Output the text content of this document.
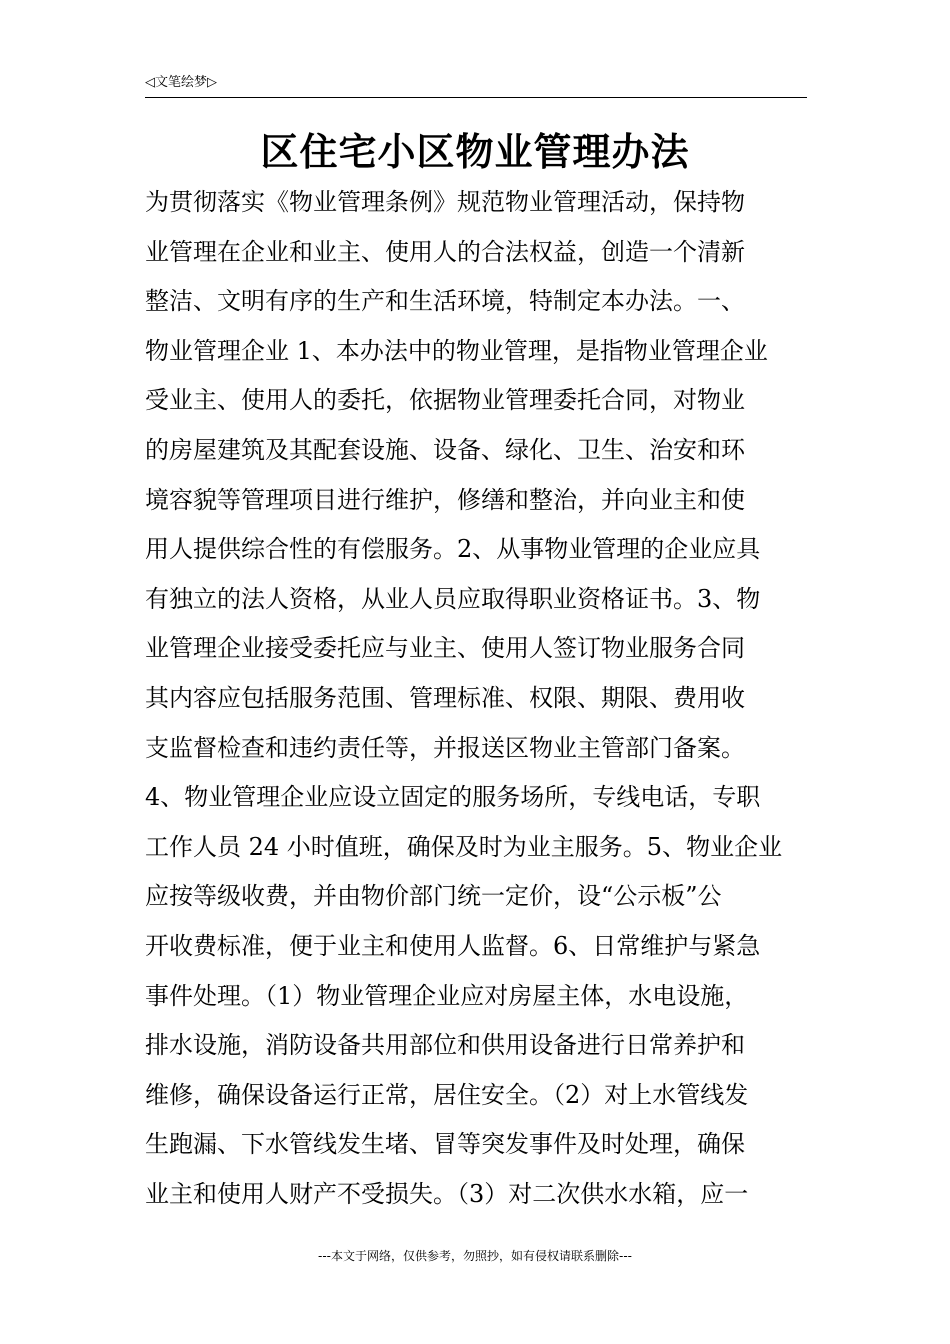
◁文笔绘梦▷
区住宅小区物业管理办法
为贯彻落实《物业管理条例》规范物业管理活动，保持物
业管理在企业和业主、使用人的合法权益，创造一个清新
整洁、文明有序的生产和生活环境，特制定本办法。一、
物业管理企业 1、本办法中的物业管理，是指物业管理企业
受业主、使用人的委托，依据物业管理委托合同，对物业
的房屋建筑及其配套设施、设备、绿化、卫生、治安和环
境容貌等管理项目进行维护，修缮和整治，并向业主和使
用人提供综合性的有偿服务。2、从事物业管理的企业应具
有独立的法人资格，从业人员应取得职业资格证书。3、物
业管理企业接受委托应与业主、使用人签订物业服务合同
其内容应包括服务范围、管理标准、权限、期限、费用收
支监督检查和违约责任等，并报送区物业主管部门备案。
4、物业管理企业应设立固定的服务场所，专线电话，专职
工作人员 24 小时值班，确保及时为业主服务。5、物业企业
应按等级收费，并由物价部门统一定价，设“公示板”公
开收费标准，便于业主和使用人监督。6、日常维护与紧急
事件处理。（1）物业管理企业应对房屋主体，水电设施，
排水设施，消防设备共用部位和供用设备进行日常养护和
维修，确保设备运行正常，居住安全。（2）对上水管线发
生跑漏、下水管线发生堵、冒等突发事件及时处理，确保
业主和使用人财产不受损失。（3）对二次供水水箱，应一
---本文于网络，仅供参考，勿照抄，如有侵权请联系删除---
